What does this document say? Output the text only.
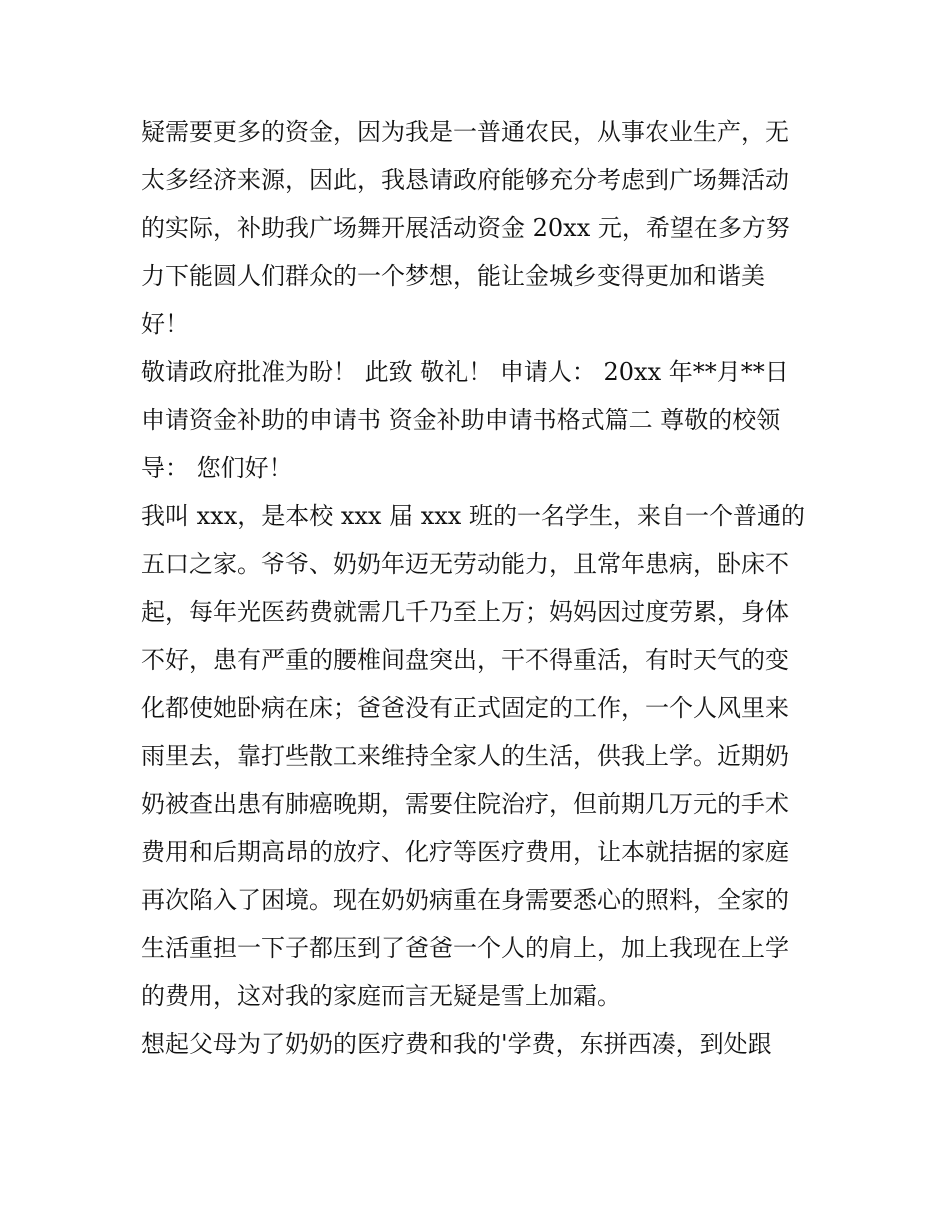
疑需要更多的资金，因为我是一普通农民，从事农业生产，无
太多经济来源，因此，我恳请政府能够充分考虑到广场舞活动
的实际，补助我广场舞开展活动资金 20xx 元，希望在多方努
力下能圆人们群众的一个梦想，能让金城乡变得更加和谐美
好！
敬请政府批准为盼！ 此致 敬礼！ 申请人： 20xx 年**月**日
申请资金补助的申请书 资金补助申请书格式篇二 尊敬的校领
导： 您们好！
我叫 xxx，是本校 xxx 届 xxx 班的一名学生，来自一个普通的
五口之家。爷爷、奶奶年迈无劳动能力，且常年患病，卧床不
起，每年光医药费就需几千乃至上万；妈妈因过度劳累，身体
不好，患有严重的腰椎间盘突出，干不得重活，有时天气的变
化都使她卧病在床；爸爸没有正式固定的工作，一个人风里来
雨里去，靠打些散工来维持全家人的生活，供我上学。近期奶
奶被查出患有肺癌晚期，需要住院治疗，但前期几万元的手术
费用和后期高昂的放疗、化疗等医疗费用，让本就拮据的家庭
再次陷入了困境。现在奶奶病重在身需要悉心的照料，全家的
生活重担一下子都压到了爸爸一个人的肩上，加上我现在上学
的费用，这对我的家庭而言无疑是雪上加霜。
想起父母为了奶奶的医疗费和我的'学费，东拼西凑，到处跟
